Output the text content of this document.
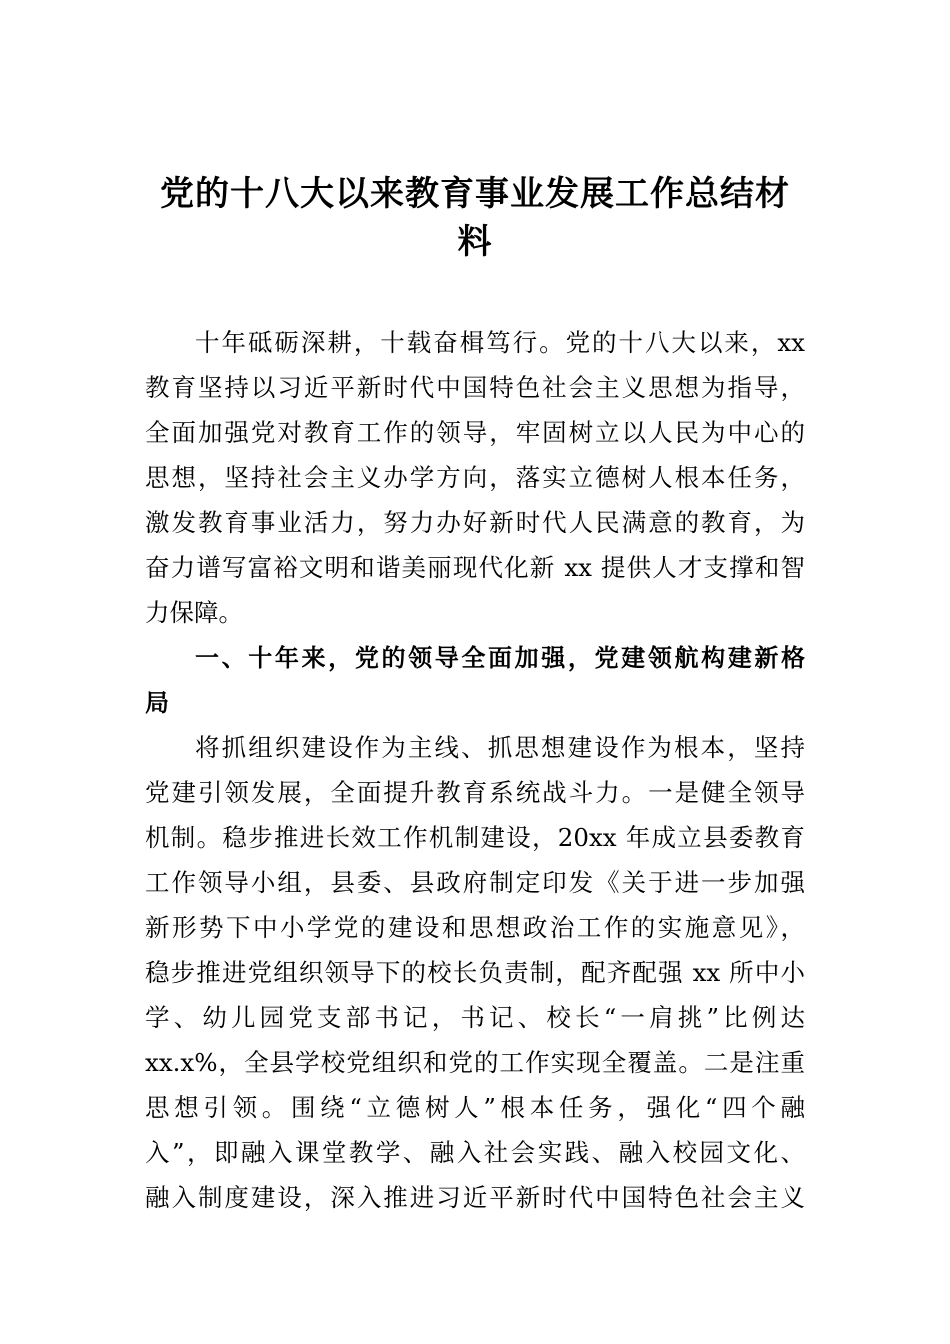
党的十八大以来教育事业发展工作总结材
料
十年砥砺深耕，十载奋楫笃行。党的十八大以来，xx
教育坚持以习近平新时代中国特色社会主义思想为指导，
全面加强党对教育工作的领导，牢固树立以人民为中心的
思想，坚持社会主义办学方向，落实立德树人根本任务，
激发教育事业活力，努力办好新时代人民满意的教育，为
奋力谱写富裕文明和谐美丽现代化新 xx 提供人才支撑和智
力保障。
一、十年来，党的领导全面加强，党建领航构建新格
局
将抓组织建设作为主线、抓思想建设作为根本，坚持
党建引领发展，全面提升教育系统战斗力。一是健全领导
机制。稳步推进长效工作机制建设，20xx 年成立县委教育
工作领导小组，县委、县政府制定印发《关于进一步加强
新形势下中小学党的建设和思想政治工作的实施意见》，
稳步推进党组织领导下的校长负责制，配齐配强 xx 所中小
学、幼儿园党支部书记，书记、校长“一肩挑”比例达
xx.x%，全县学校党组织和党的工作实现全覆盖。二是注重
思想引领。围绕“立德树人”根本任务，强化“四个融
入”，即融入课堂教学、融入社会实践、融入校园文化、
融入制度建设，深入推进习近平新时代中国特色社会主义
